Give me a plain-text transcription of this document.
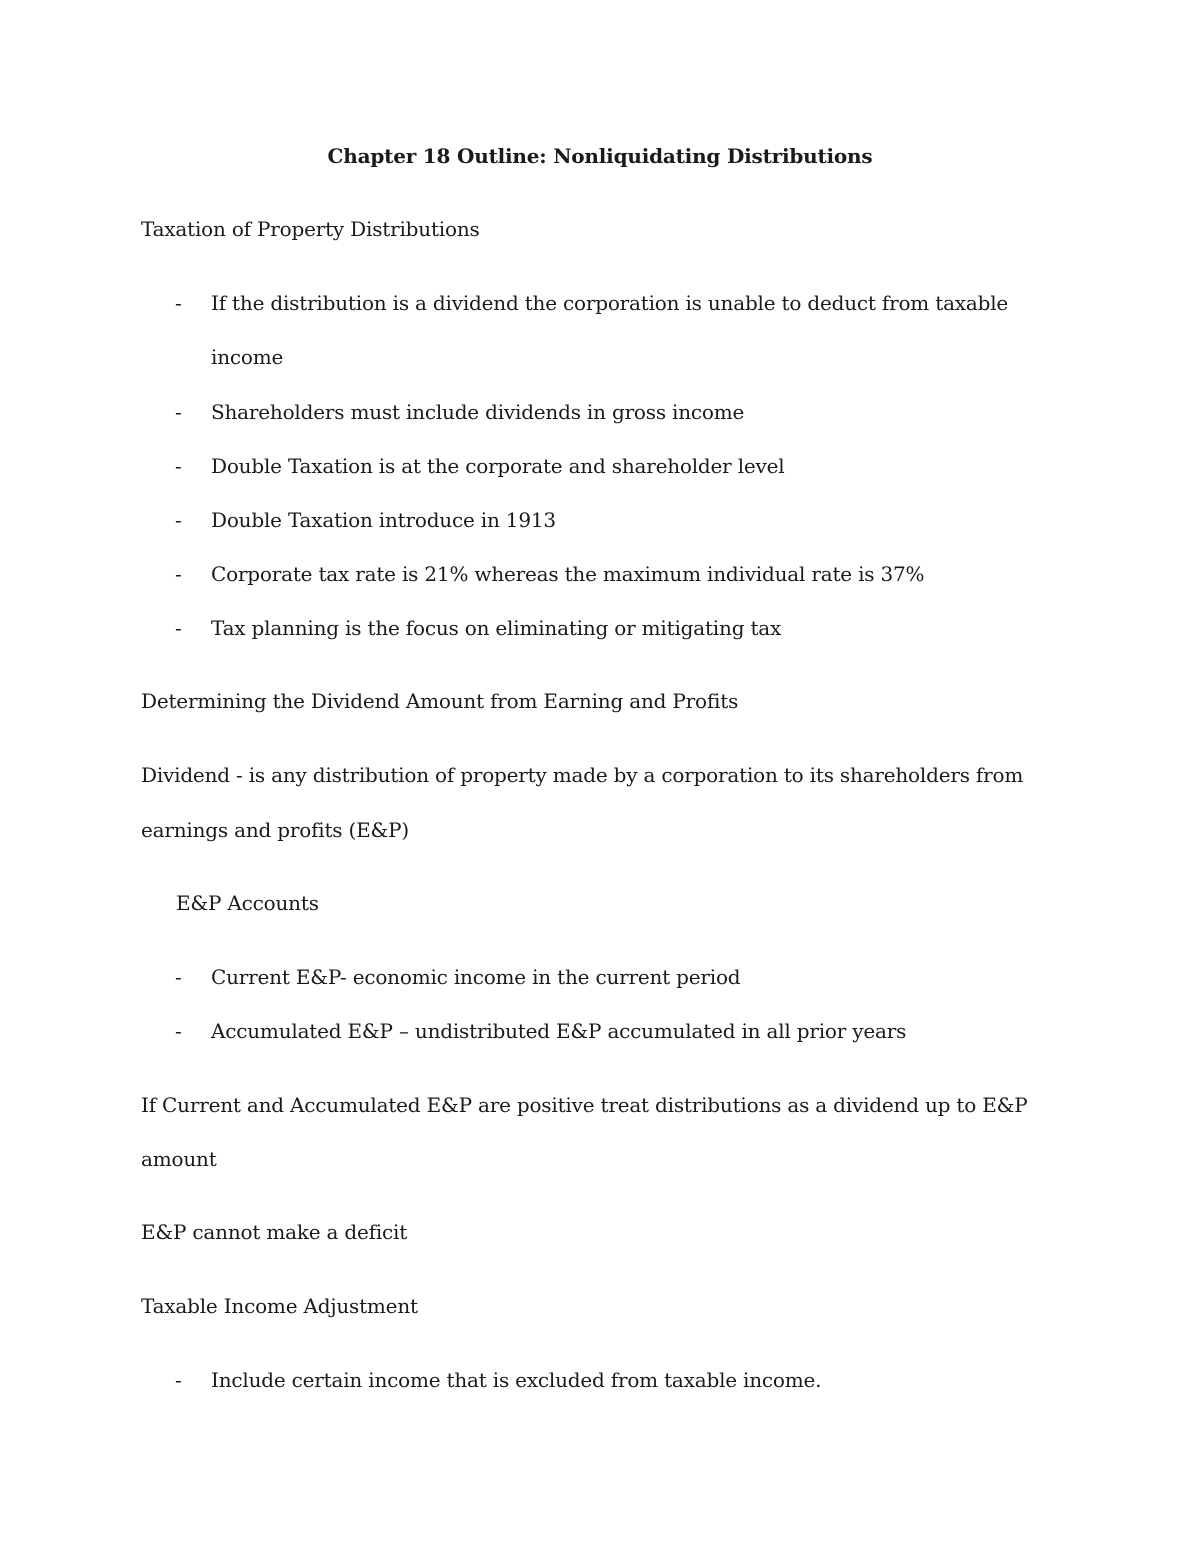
Chapter 18 Outline: Nonliquidating Distributions
Taxation of Property Distributions
- If the distribution is a dividend the corporation is unable to deduct from taxable
income
- Shareholders must include dividends in gross income
- Double Taxation is at the corporate and shareholder level
- Double Taxation introduce in 1913
- Corporate tax rate is 21% whereas the maximum individual rate is 37%
- Tax planning is the focus on eliminating or mitigating tax
Determining the Dividend Amount from Earning and Profits
Dividend - is any distribution of property made by a corporation to its shareholders from
earnings and profits (E&P)
E&P Accounts
- Current E&P- economic income in the current period
- Accumulated E&P – undistributed E&P accumulated in all prior years
If Current and Accumulated E&P are positive treat distributions as a dividend up to E&P
amount
E&P cannot make a deficit
Taxable Income Adjustment
- Include certain income that is excluded from taxable income.
